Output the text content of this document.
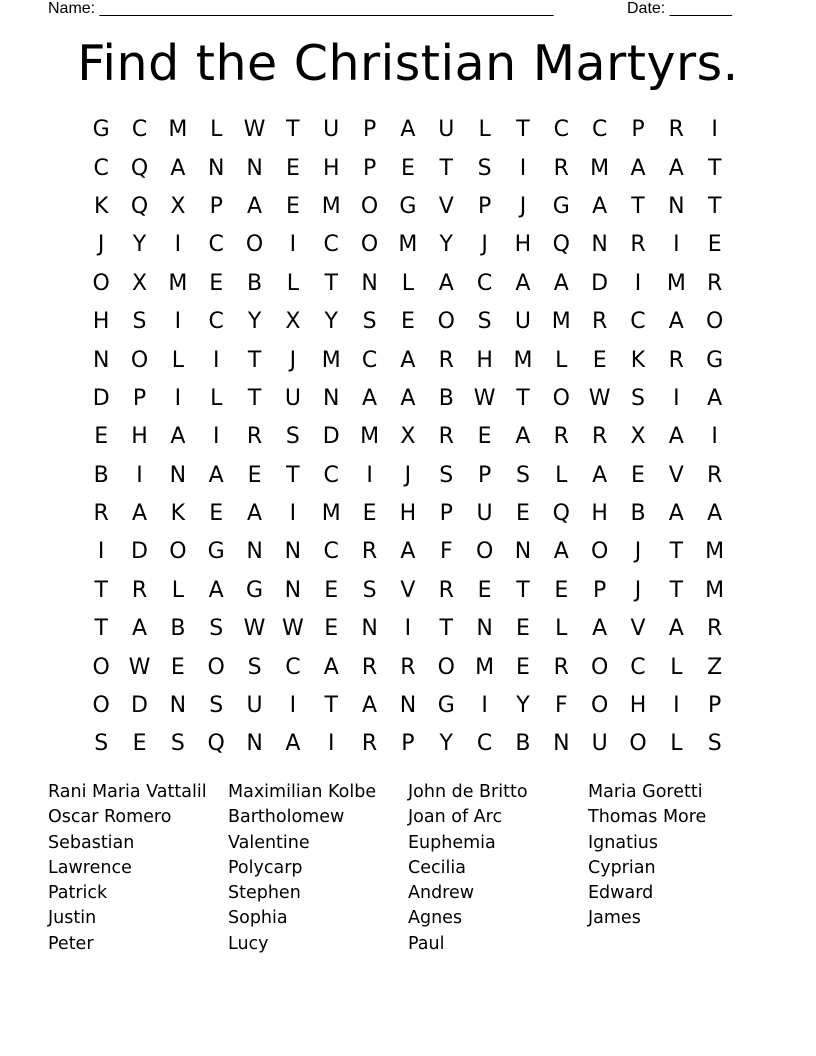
Name: ___________________________________________________	Date: _______
Find the Christian Martyrs.
G	C M	L W T	U	P	A	U	L	T	C	C	P	R	I
C Q	A	N N	E	H	P	E	T	S	I	R M A	A	T
K	Q	X	P	A	E M O G	V	P	J	G	A	T	N	T
J	Y	I	C O	I	C O M	Y	J	H Q N	R	I	E
O	X M E	B	L	T	N	L	A	C	A	A	D	I	M R
H	S	I	C	Y	X	Y	S	E	O	S	U M R	C	A	O
N O	L	I	T	J	M C	A	R	H M	L	E	K	R	G
D	P	I	L	T	U	N	A	A	B W T	O W S	I	A
E	H	A	I	R	S	D M X	R	E	A	R	R	X	A	I
B	I	N	A	E	T	C	I	J	S	P	S	L	A	E	V	R
R	A	K	E	A	I	M E	H	P	U	E	Q H	B	A	A
I	D O G N N	C	R	A	F	O N	A	O	J	T	M
T	R	L	A	G N	E	S	V	R	E	T	E	P	J	T	M
T	A	B	S W W E	N	I	T	N	E	L	A	V	A	R
O W E	O	S	C	A	R	R	O M E	R	O	C	L	Z
O D N	S	U	I	T	A	N G	I	Y	F	O H	I	P
S	E	S	Q N	A	I	R	P	Y	C	B	N	U O	L	S
Rani Maria Vattalil
Oscar Romero
Sebastian
Lawrence
Patrick
Justin
Peter
Maximilian Kolbe
Bartholomew
Valentine
Polycarp
Stephen
Sophia
Lucy
John de Britto
Joan of Arc
Euphemia
Cecilia
Andrew
Agnes
Paul
Maria Goretti
Thomas More
Ignatius
Cyprian
Edward
James
